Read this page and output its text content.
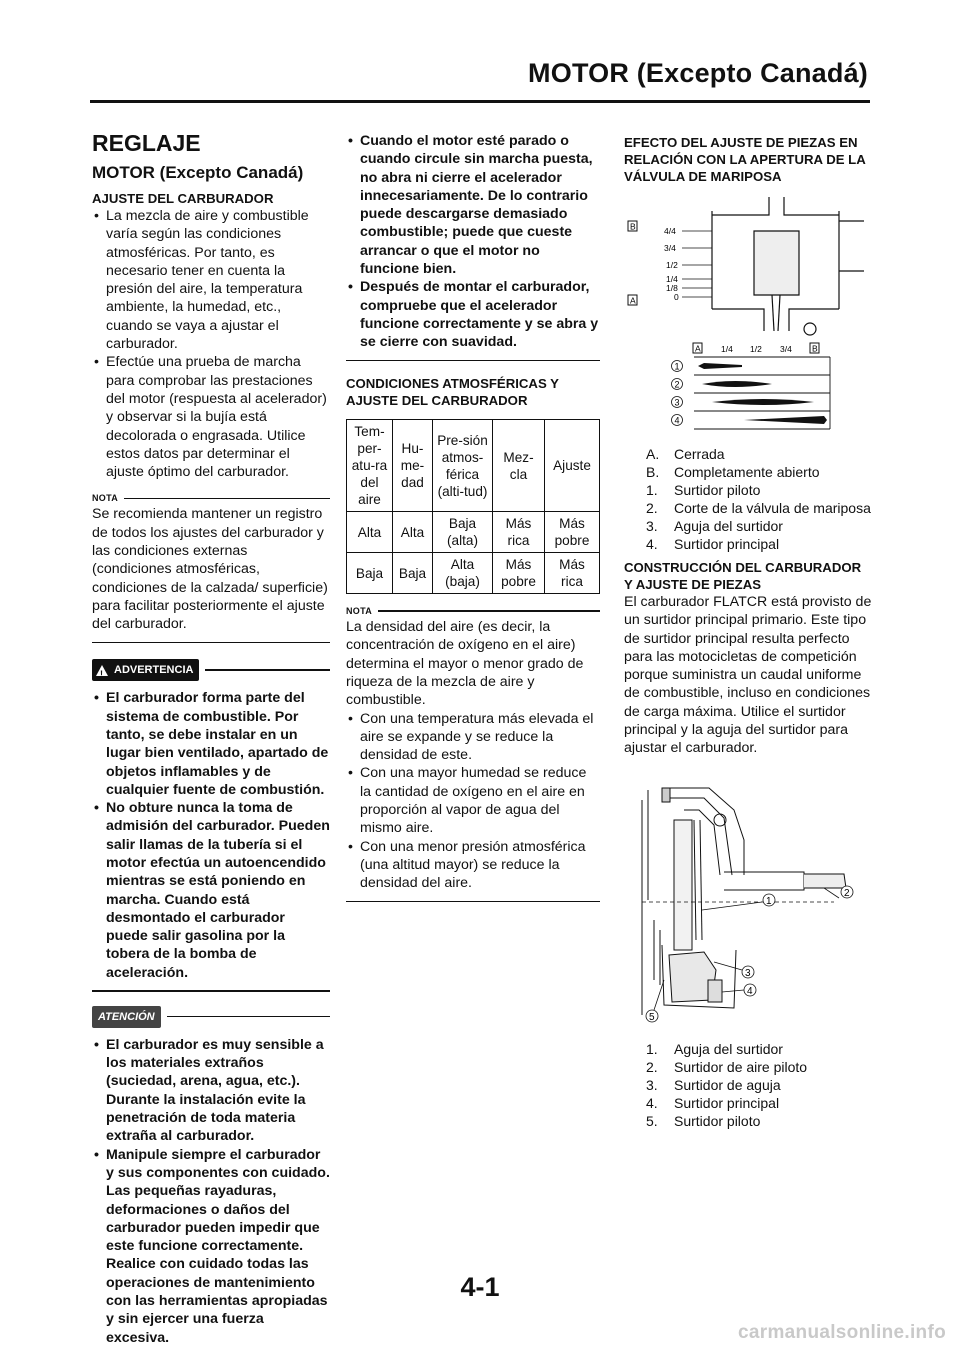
MOTOR (Excepto Canadá)
REGLAJE
MOTOR (Excepto Canadá)
AJUSTE DEL CARBURADOR
• La mezcla de aire y combustible varía según las condiciones atmosféricas. Por tanto, es necesario tener en cuenta la presión del aire, la temperatura ambiente, la humedad, etc., cuando se vaya a ajustar el carburador.
• Efectúe una prueba de marcha para comprobar las prestaciones del motor (respuesta al acelerador) y observar si la bujía está decolorada o engrasada. Utilice estos datos par determinar el ajuste óptimo del carburador.
NOTA
Se recomienda mantener un registro de todos los ajustes del carburador y las condiciones externas (condiciones atmosféricas, condiciones de la calzada/ superficie) para facilitar posteriormente el ajuste del carburador.
!
ADVERTENCIA
• El carburador forma parte del sistema de combustible. Por tanto, se debe instalar en un lugar bien ventilado, apartado de objetos inflamables y de cualquier fuente de combustión.
• No obture nunca la toma de admisión del carburador. Pueden salir llamas de la tubería si el motor efectúa un autoencendido mientras se está poniendo en marcha. Cuando está desmontado el carburador puede salir gasolina por la tobera de la bomba de aceleración.
ATENCIÓN
• El carburador es muy sensible a los materiales extraños (suciedad, arena, agua, etc.). Durante la instalación evite la penetración de toda materia extraña al carburador.
• Manipule siempre el carburador y sus componentes con cuidado. Las pequeñas rayaduras, deformaciones o daños del carburador pueden impedir que este funcione correctamente. Realice con cuidado todas las operaciones de mantenimiento con las herramientas apropiadas y sin ejercer una fuerza excesiva.
• Cuando el motor esté parado o cuando circule sin marcha puesta, no abra ni cierre el acelerador innecesariamente. De lo contrario puede descargarse demasiado combustible; puede que cueste arrancar o que el motor no funcione bien.
• Después de montar el carburador, compruebe que el acelerador funcione correctamente y se abra y se cierre con suavidad.
CONDICIONES ATMOSFÉRICAS Y AJUSTE DEL CARBURADOR
Tem-per-atu-ra del aire	Hu-me-dad	Pre-sión atmos-férica (alti-tud)	Mez-cla	Ajuste
Alta	Alta	Baja (alta)	Más rica	Más pobre
Baja	Baja	Alta (baja)	Más pobre	Más rica
NOTA
La densidad del aire (es decir, la concentración de oxígeno en el aire) determina el mayor o menor grado de riqueza de la mezcla de aire y combustible.
• Con una temperatura más elevada el aire se expande y se reduce la densidad de este.
• Con una mayor humedad se reduce la cantidad de oxígeno en el aire en proporción al vapor de agua del mismo aire.
• Con una menor presión atmosférica (una altitud mayor) se reduce la densidad del aire.
EFECTO DEL AJUSTE DE PIEZAS EN RELACIÓN CON LA APERTURA DE LA VÁLVULA DE MARIPOSA
B
A
4/4
3/4
1/2
1/4
1/8
0
A 1/4 1/2 3/4 B
1
2
3
4
A.	Cerrada
B.	Completamente abierto
1.	Surtidor piloto
2.	Corte de la válvula de mariposa
3.	Aguja del surtidor
4.	Surtidor principal
CONSTRUCCIÓN DEL CARBURADOR Y AJUSTE DE PIEZAS
El carburador FLATCR está provisto de un surtidor principal primario. Este tipo de surtidor principal resulta perfecto para las motocicletas de competición porque suministra un caudal uniforme de combustible, incluso en condiciones de carga máxima. Utilice el surtidor principal y la aguja del surtidor para ajustar el carburador.
1
2
3
4
5
1.	Aguja del surtidor
2.	Surtidor de aire piloto
3.	Surtidor de aguja
4.	Surtidor principal
5.	Surtidor piloto
4-1
carmanualsonline.info
